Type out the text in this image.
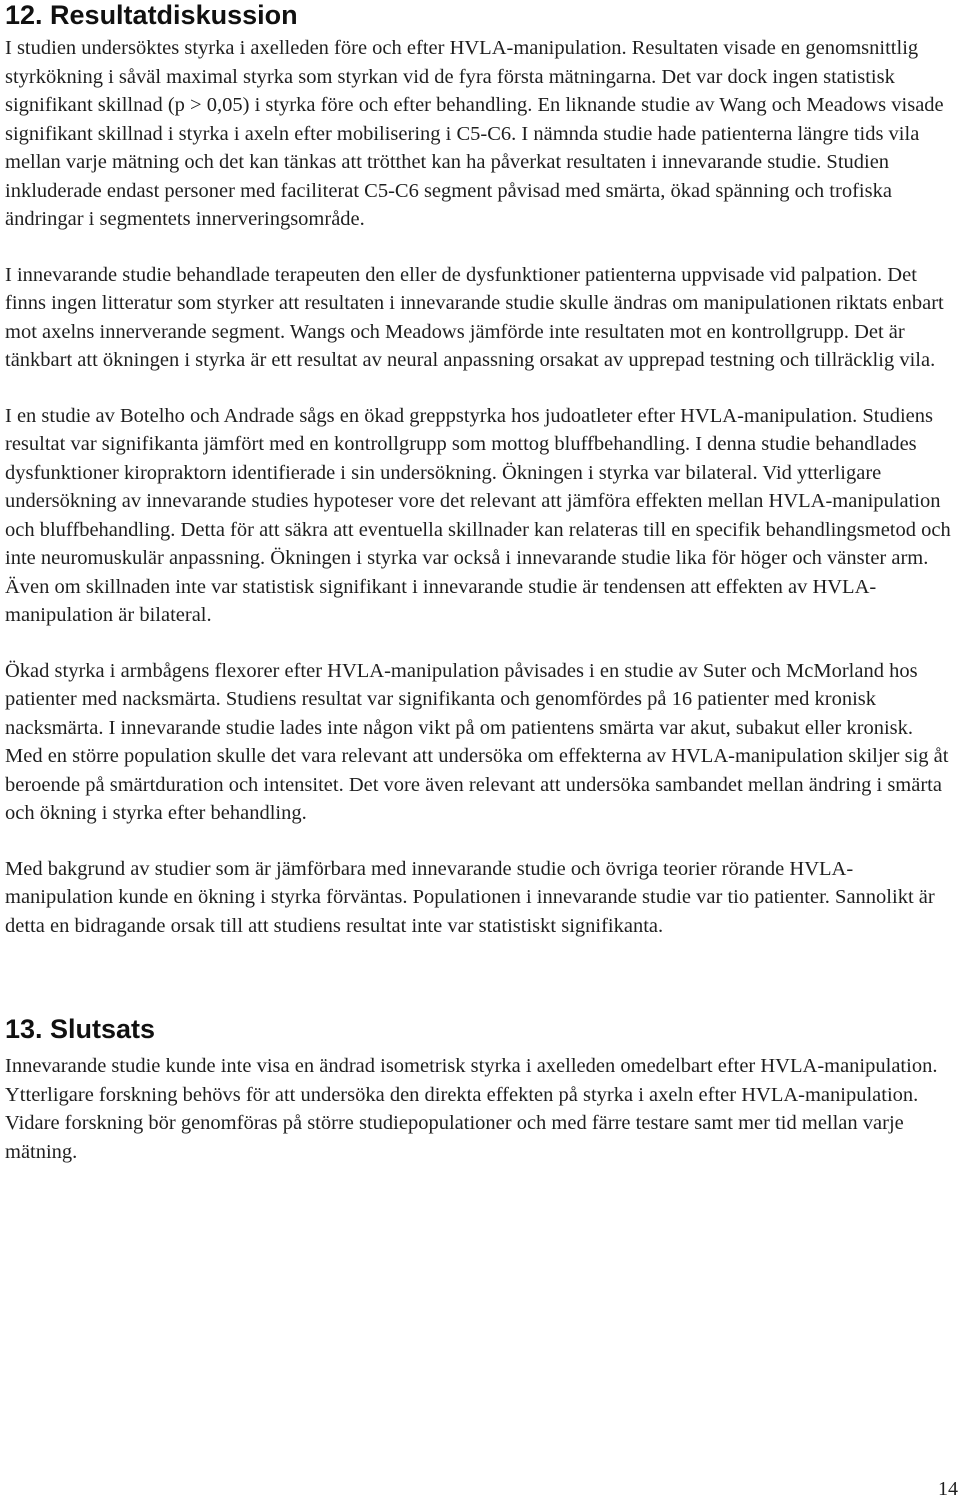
12. Resultatdiskussion

I studien undersöktes styrka i axelleden före och efter HVLA-manipulation. Resultaten visade en genomsnittlig styrkökning i såväl maximal styrka som styrkan vid de fyra första mätningarna. Det var dock ingen statistisk signifikant skillnad (p > 0,05) i styrka före och efter behandling. En liknande studie av Wang och Meadows visade signifikant skillnad i styrka i axeln efter mobilisering i C5-C6. I nämnda studie hade patienterna längre tids vila mellan varje mätning och det kan tänkas att trötthet kan ha påverkat resultaten i innevarande studie. Studien inkluderade endast personer med faciliterat C5-C6 segment påvisad med smärta, ökad spänning och trofiska ändringar i segmentets innerveringsområde.

I innevarande studie behandlade terapeuten den eller de dysfunktioner patienterna uppvisade vid palpation. Det finns ingen litteratur som styrker att resultaten i innevarande studie skulle ändras om manipulationen riktats enbart mot axelns innerverande segment. Wangs och Meadows jämförde inte resultaten mot en kontrollgrupp. Det är tänkbart att ökningen i styrka är ett resultat av neural anpassning orsakat av upprepad testning och tillräcklig vila.

I en studie av Botelho och Andrade sågs en ökad greppstyrka hos judoatleter efter HVLA-manipulation. Studiens resultat var signifikanta jämfört med en kontrollgrupp som mottog bluffbehandling. I denna studie behandlades dysfunktioner kiropraktorn identifierade i sin undersökning. Ökningen i styrka var bilateral. Vid ytterligare undersökning av innevarande studies hypoteser vore det relevant att jämföra effekten mellan HVLA-manipulation och bluffbehandling. Detta för att säkra att eventuella skillnader kan relateras till en specifik behandlingsmetod och inte neuromuskulär anpassning. Ökningen i styrka var också i innevarande studie lika för höger och vänster arm. Även om skillnaden inte var statistisk signifikant i innevarande studie är tendensen att effekten av HVLA-manipulation är bilateral.

Ökad styrka i armbågens flexorer efter HVLA-manipulation påvisades i en studie av Suter och McMorland hos patienter med nacksmärta. Studiens resultat var signifikanta och genomfördes på 16 patienter med kronisk nacksmärta. I innevarande studie lades inte någon vikt på om patientens smärta var akut, subakut eller kronisk. Med en större population skulle det vara relevant att undersöka om effekterna av HVLA-manipulation skiljer sig åt beroende på smärtduration och intensitet. Det vore även relevant att undersöka sambandet mellan ändring i smärta och ökning i styrka efter behandling.

Med bakgrund av studier som är jämförbara med innevarande studie och övriga teorier rörande HVLA-manipulation kunde en ökning i styrka förväntas. Populationen i innevarande studie var tio patienter. Sannolikt är detta en bidragande orsak till att studiens resultat inte var statistiskt signifikanta.

13. Slutsats

Innevarande studie kunde inte visa en ändrad isometrisk styrka i axelleden omedelbart efter HVLA-manipulation. Ytterligare forskning behövs för att undersöka den direkta effekten på styrka i axeln efter HVLA-manipulation. Vidare forskning bör genomföras på större studiepopulationer och med färre testare samt mer tid mellan varje mätning.

14
